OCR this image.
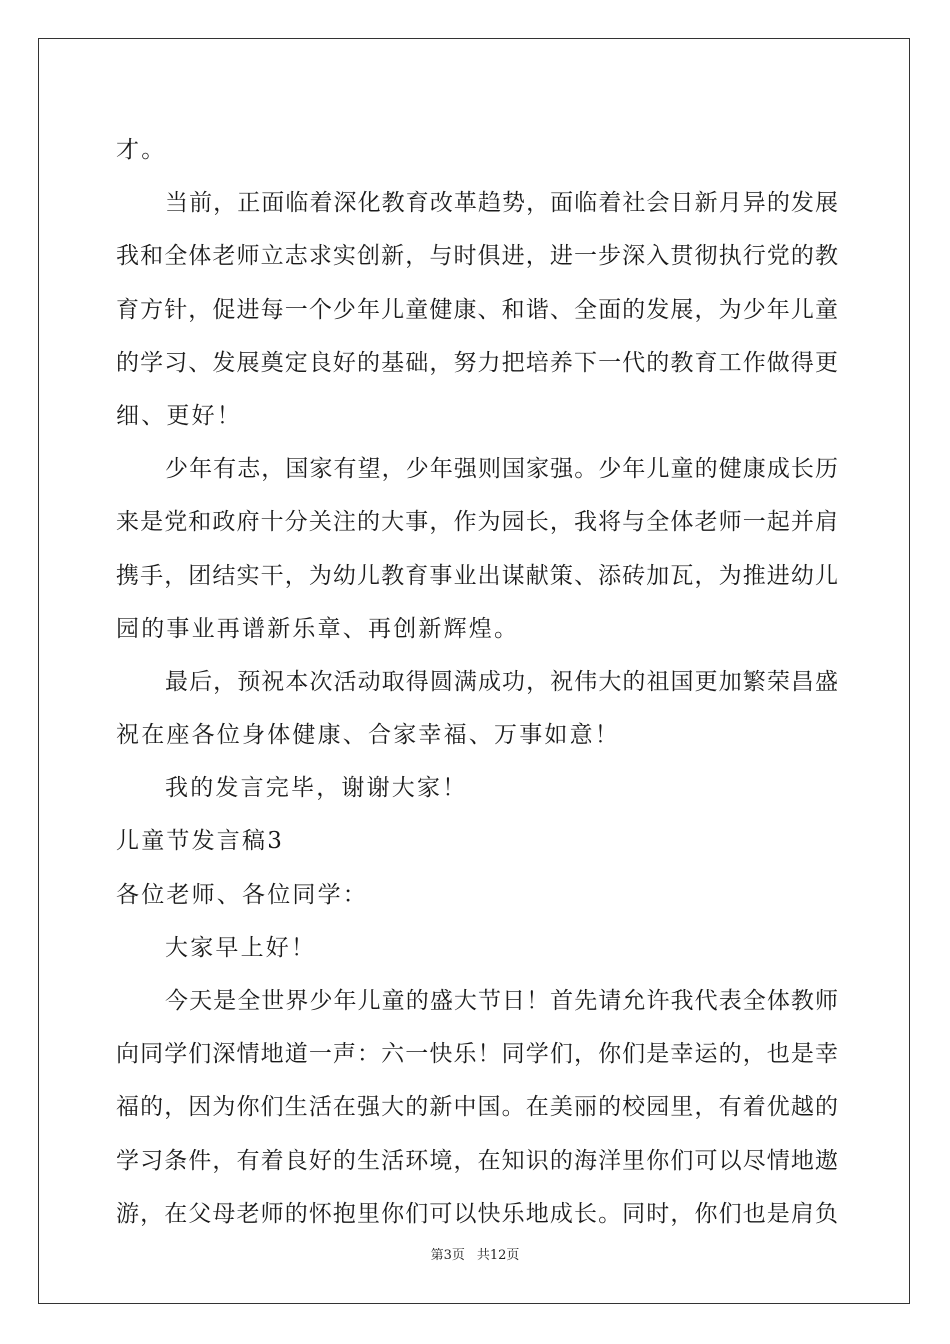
才。
当前，正面临着深化教育改革趋势，面临着社会日新月异的发展
我和全体老师立志求实创新，与时俱进，进一步深入贯彻执行党的教
育方针，促进每一个少年儿童健康、和谐、全面的发展，为少年儿童
的学习、发展奠定良好的基础，努力把培养下一代的教育工作做得更
细、更好！
少年有志，国家有望，少年强则国家强。少年儿童的健康成长历
来是党和政府十分关注的大事，作为园长，我将与全体老师一起并肩
携手，团结实干，为幼儿教育事业出谋献策、添砖加瓦，为推进幼儿
园的事业再谱新乐章、再创新辉煌。
最后，预祝本次活动取得圆满成功，祝伟大的祖国更加繁荣昌盛
祝在座各位身体健康、合家幸福、万事如意！
我的发言完毕，谢谢大家！
儿童节发言稿3
各位老师、各位同学：
大家早上好！
今天是全世界少年儿童的盛大节日！首先请允许我代表全体教师
向同学们深情地道一声：六一快乐！同学们，你们是幸运的，也是幸
福的，因为你们生活在强大的新中国。在美丽的校园里，有着优越的
学习条件，有着良好的生活环境，在知识的海洋里你们可以尽情地遨
游，在父母老师的怀抱里你们可以快乐地成长。同时，你们也是肩负
第3页 共12页
